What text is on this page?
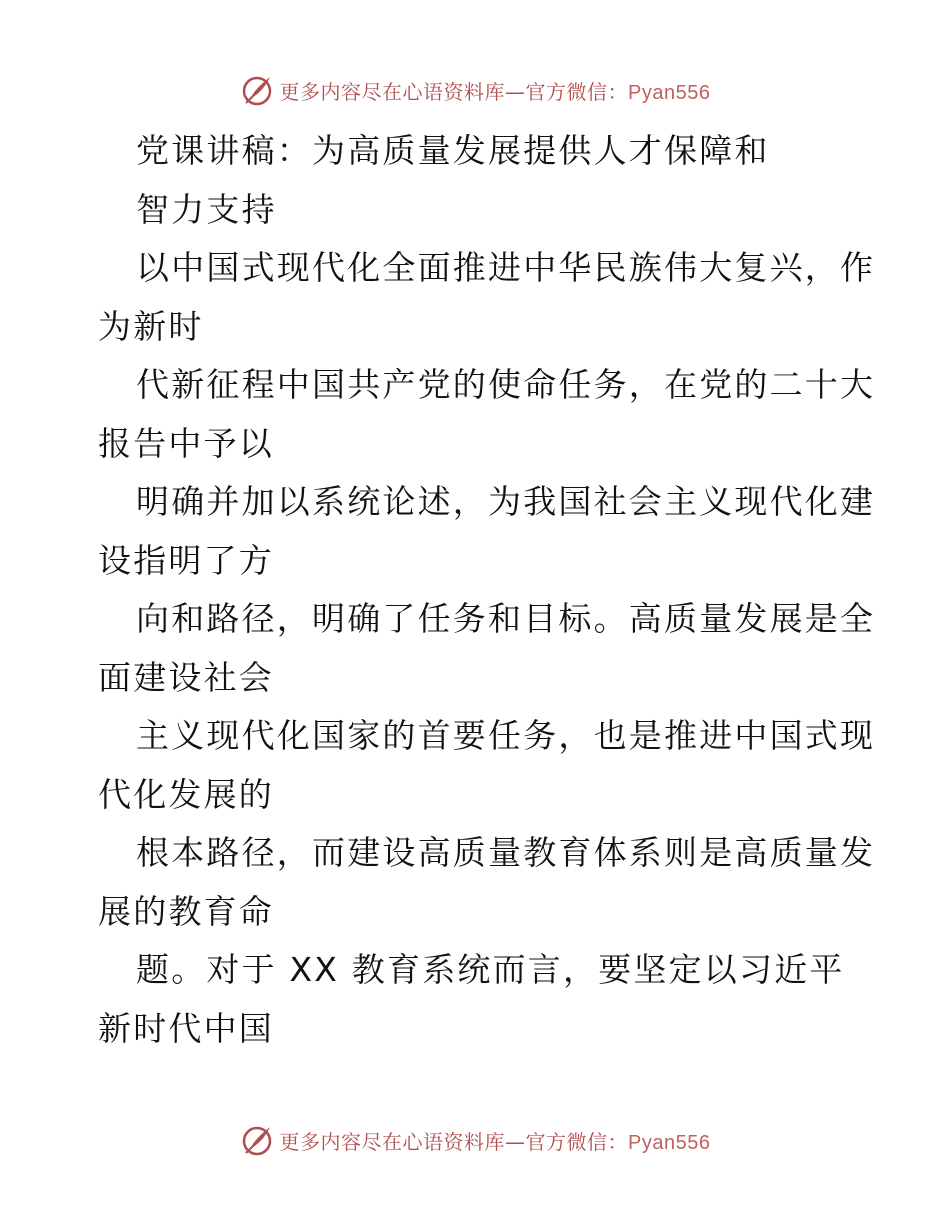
更多内容尽在心语资料库—官方微信：Pyan556
党课讲稿：为高质量发展提供人才保障和
智力支持
以中国式现代化全面推进中华民族伟大复兴，作
为新时
代新征程中国共产党的使命任务，在党的二十大
报告中予以
明确并加以系统论述，为我国社会主义现代化建
设指明了方
向和路径，明确了任务和目标。高质量发展是全
面建设社会
主义现代化国家的首要任务，也是推进中国式现
代化发展的
根本路径，而建设高质量教育体系则是高质量发
展的教育命
题。对于 XX 教育系统而言，要坚定以习近平
新时代中国
更多内容尽在心语资料库—官方微信：Pyan556
